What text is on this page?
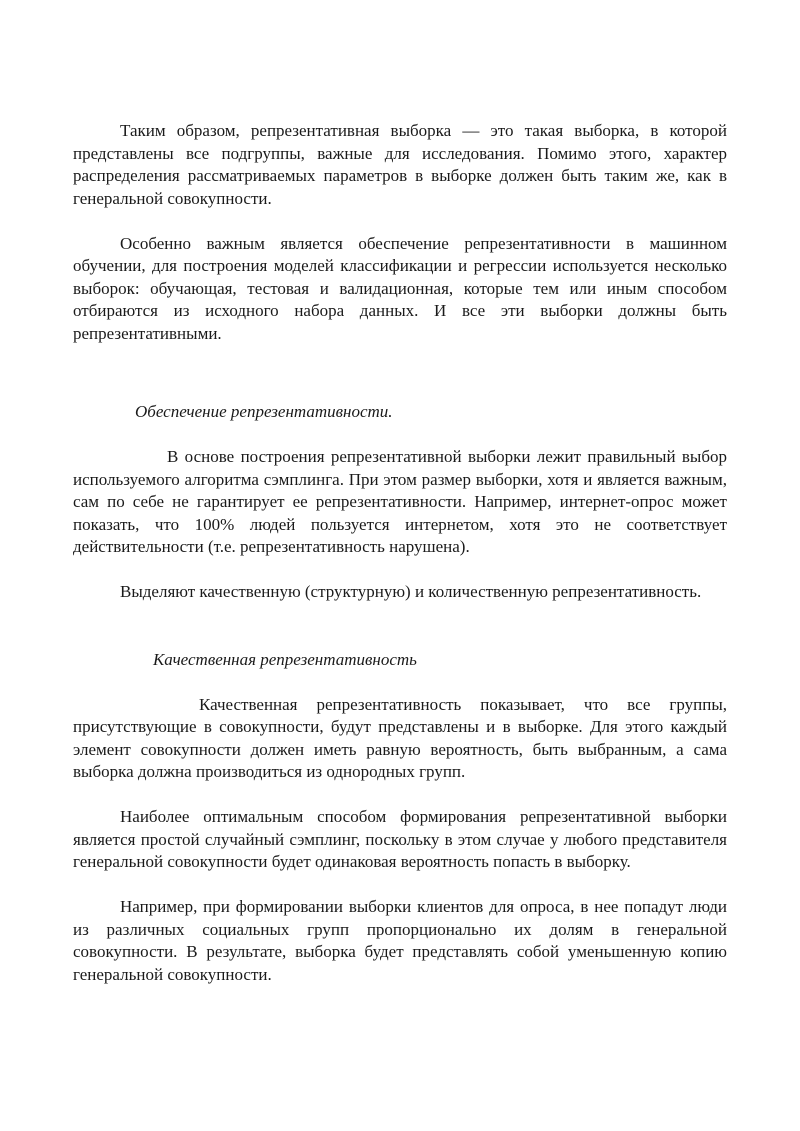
Таким образом, репрезентативная выборка — это такая выборка, в которой представлены все подгруппы, важные для исследования. Помимо этого, характер распределения рассматриваемых параметров в выборке должен быть таким же, как в генеральной совокупности.

Особенно важным является обеспечение репрезентативности в машинном обучении, для построения моделей классификации и регрессии используется несколько выборок: обучающая, тестовая и валидационная, которые тем или иным способом отбираются из исходного набора данных. И все эти выборки должны быть репрезентативными.

Обеспечение репрезентативности.

В основе построения репрезентативной выборки лежит правильный выбор используемого алгоритма сэмплинга. При этом размер выборки, хотя и является важным, сам по себе не гарантирует ее репрезентативности. Например, интернет-опрос может показать, что 100% людей пользуется интернетом, хотя это не соответствует действительности (т.е. репрезентативность нарушена).

Выделяют качественную (структурную) и количественную репрезентативность.

Качественная репрезентативность

Качественная репрезентативность показывает, что все группы, присутствующие в совокупности, будут представлены и в выборке. Для этого каждый элемент совокупности должен иметь равную вероятность, быть выбранным, а сама выборка должна производиться из однородных групп.

Наиболее оптимальным способом формирования репрезентативной выборки является простой случайный сэмплинг, поскольку в этом случае у любого представителя генеральной совокупности будет одинаковая вероятность попасть в выборку.

Например, при формировании выборки клиентов для опроса, в нее попадут люди из различных социальных групп пропорционально их долям в генеральной совокупности. В результате, выборка будет представлять собой уменьшенную копию генеральной совокупности.
